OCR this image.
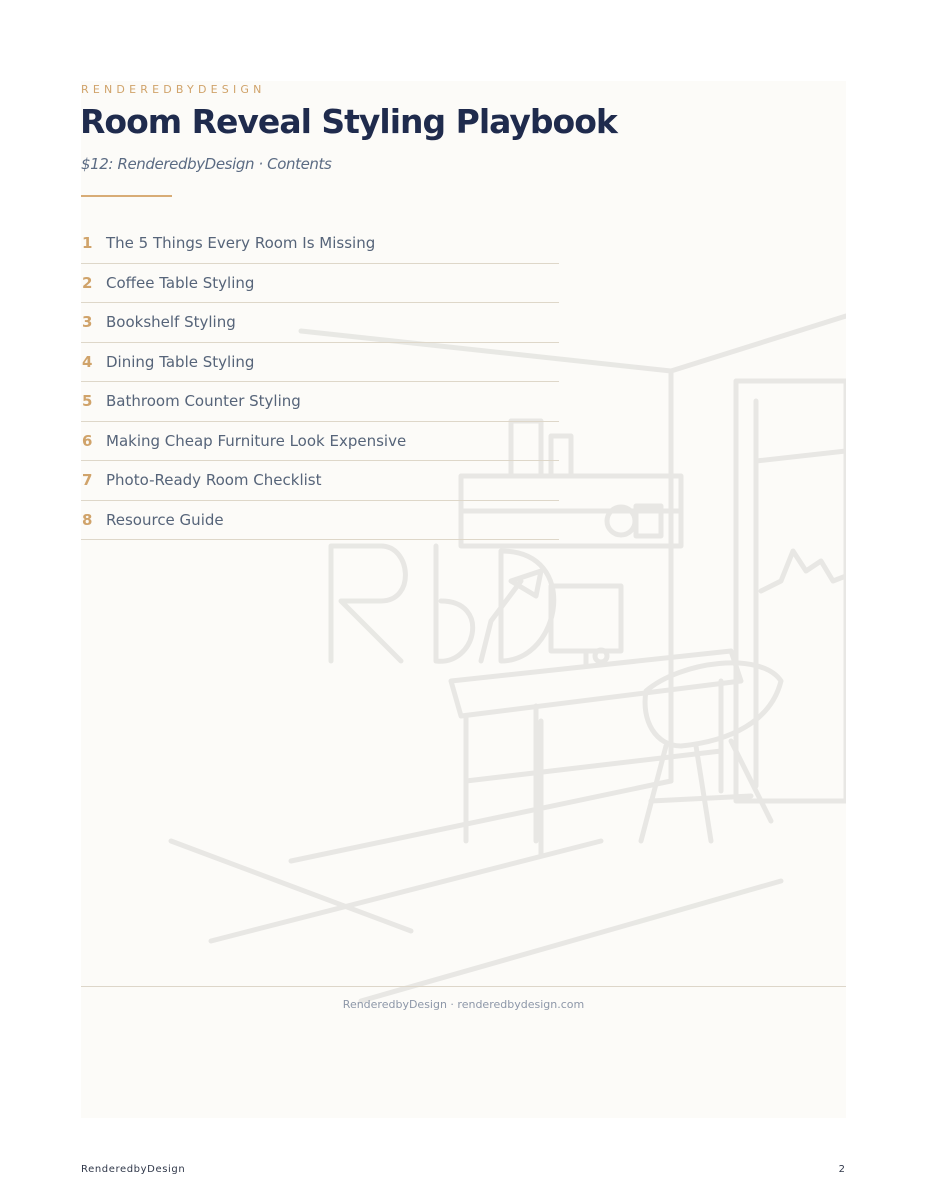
RENDEREDBYDESIGN
Room Reveal Styling Playbook
$12: RenderedbyDesign · Contents
1 The 5 Things Every Room Is Missing
2 Coffee Table Styling
3 Bookshelf Styling
4 Dining Table Styling
5 Bathroom Counter Styling
6 Making Cheap Furniture Look Expensive
7 Photo-Ready Room Checklist
8 Resource Guide
RenderedbyDesign · renderedbydesign.com
RenderedbyDesign	2
